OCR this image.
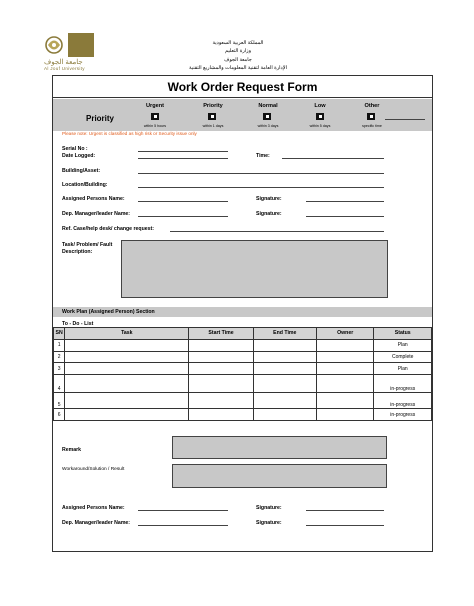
جامعة الجوف
Al Jouf University
المملكة العربية السعودية
وزارة التعليم
جامعة الجوف
الإدارة العامة لتقنية المعلومات والمشاريع التقنية
Work Order Request Form
Priority
Urgent
within 5 hours
Priority
within 1 days
Normal
within 3 days
Low
within 5 days
Other
specific time
Please note: Urgent is classified as high risk or Security issue only
Serial No :
Date Logged:	Time:
Building/Asset:
Location/Building:
Assigned Persons Name:	Signature:
Dep. Manager/leader Name:	Signature:
Ref. Case/help desk/ change request:
Task/ Problem/ Fault
Description:
Work Plan (Assigned Person) Section
To - Do - List
SN	Task	Start Time	End Time	Owner	Status
1					Plan
2					Complete
3					Plan
4					in-progress
5					in-progress
6					in-progress
Remark
Workaround/Solution / Result
Assigned Persons Name:	Signature:
Dep. Manager/leader Name:	Signature:
